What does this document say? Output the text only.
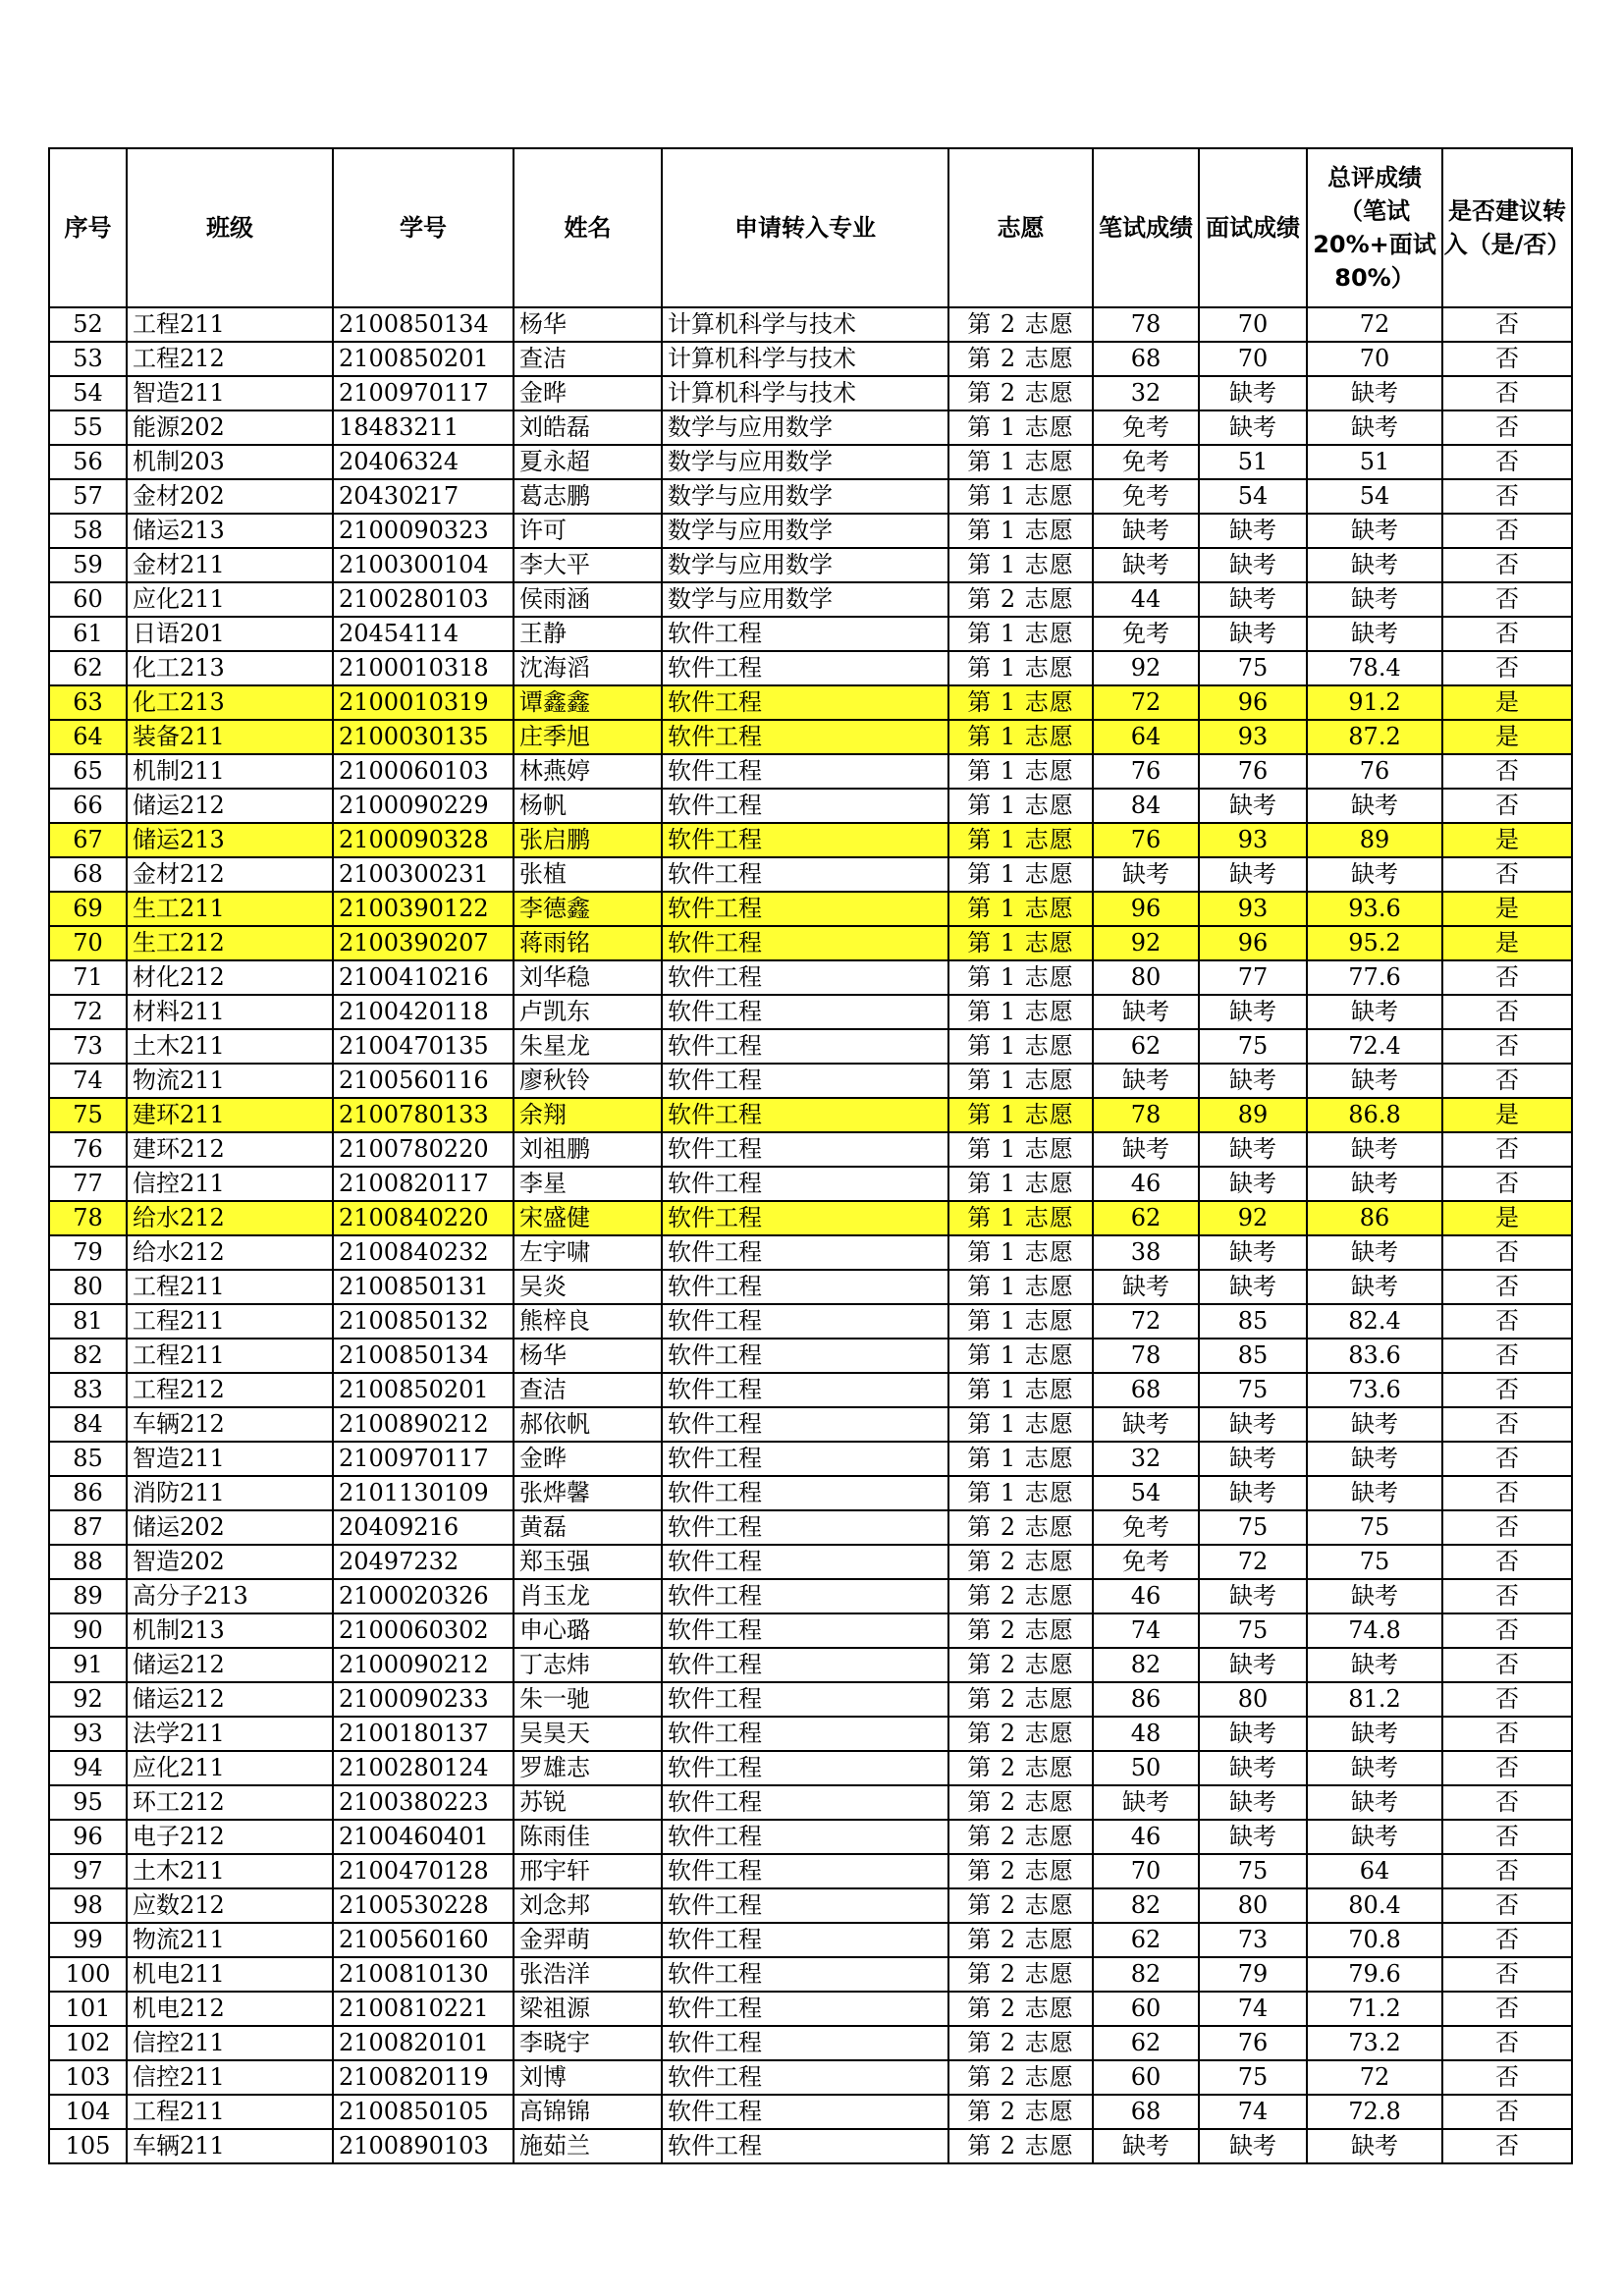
序号	班级	学号	姓名	申请转入专业	志愿	笔试成绩	面试成绩	总评成绩（笔试20%+面试80%）	是否建议转入（是/否）
52	工程211	2100850134	杨华	计算机科学与技术	第 2 志愿	78	70	72	否
53	工程212	2100850201	查洁	计算机科学与技术	第 2 志愿	68	70	70	否
54	智造211	2100970117	金晔	计算机科学与技术	第 2 志愿	32	缺考	缺考	否
55	能源202	18483211	刘皓磊	数学与应用数学	第 1 志愿	免考	缺考	缺考	否
56	机制203	20406324	夏永超	数学与应用数学	第 1 志愿	免考	51	51	否
57	金材202	20430217	葛志鹏	数学与应用数学	第 1 志愿	免考	54	54	否
58	储运213	2100090323	许可	数学与应用数学	第 1 志愿	缺考	缺考	缺考	否
59	金材211	2100300104	李大平	数学与应用数学	第 1 志愿	缺考	缺考	缺考	否
60	应化211	2100280103	侯雨涵	数学与应用数学	第 2 志愿	44	缺考	缺考	否
61	日语201	20454114	王静	软件工程	第 1 志愿	免考	缺考	缺考	否
62	化工213	2100010318	沈海滔	软件工程	第 1 志愿	92	75	78.4	否
63	化工213	2100010319	谭鑫鑫	软件工程	第 1 志愿	72	96	91.2	是
64	装备211	2100030135	庄季旭	软件工程	第 1 志愿	64	93	87.2	是
65	机制211	2100060103	林燕婷	软件工程	第 1 志愿	76	76	76	否
66	储运212	2100090229	杨帆	软件工程	第 1 志愿	84	缺考	缺考	否
67	储运213	2100090328	张启鹏	软件工程	第 1 志愿	76	93	89	是
68	金材212	2100300231	张植	软件工程	第 1 志愿	缺考	缺考	缺考	否
69	生工211	2100390122	李德鑫	软件工程	第 1 志愿	96	93	93.6	是
70	生工212	2100390207	蒋雨铭	软件工程	第 1 志愿	92	96	95.2	是
71	材化212	2100410216	刘华稳	软件工程	第 1 志愿	80	77	77.6	否
72	材料211	2100420118	卢凯东	软件工程	第 1 志愿	缺考	缺考	缺考	否
73	土木211	2100470135	朱星龙	软件工程	第 1 志愿	62	75	72.4	否
74	物流211	2100560116	廖秋铃	软件工程	第 1 志愿	缺考	缺考	缺考	否
75	建环211	2100780133	余翔	软件工程	第 1 志愿	78	89	86.8	是
76	建环212	2100780220	刘祖鹏	软件工程	第 1 志愿	缺考	缺考	缺考	否
77	信控211	2100820117	李星	软件工程	第 1 志愿	46	缺考	缺考	否
78	给水212	2100840220	宋盛健	软件工程	第 1 志愿	62	92	86	是
79	给水212	2100840232	左宇啸	软件工程	第 1 志愿	38	缺考	缺考	否
80	工程211	2100850131	吴炎	软件工程	第 1 志愿	缺考	缺考	缺考	否
81	工程211	2100850132	熊梓良	软件工程	第 1 志愿	72	85	82.4	否
82	工程211	2100850134	杨华	软件工程	第 1 志愿	78	85	83.6	否
83	工程212	2100850201	查洁	软件工程	第 1 志愿	68	75	73.6	否
84	车辆212	2100890212	郝依帆	软件工程	第 1 志愿	缺考	缺考	缺考	否
85	智造211	2100970117	金晔	软件工程	第 1 志愿	32	缺考	缺考	否
86	消防211	2101130109	张烨馨	软件工程	第 1 志愿	54	缺考	缺考	否
87	储运202	20409216	黄磊	软件工程	第 2 志愿	免考	75	75	否
88	智造202	20497232	郑玉强	软件工程	第 2 志愿	免考	72	75	否
89	高分子213	2100020326	肖玉龙	软件工程	第 2 志愿	46	缺考	缺考	否
90	机制213	2100060302	申心璐	软件工程	第 2 志愿	74	75	74.8	否
91	储运212	2100090212	丁志炜	软件工程	第 2 志愿	82	缺考	缺考	否
92	储运212	2100090233	朱一驰	软件工程	第 2 志愿	86	80	81.2	否
93	法学211	2100180137	吴昊天	软件工程	第 2 志愿	48	缺考	缺考	否
94	应化211	2100280124	罗雄志	软件工程	第 2 志愿	50	缺考	缺考	否
95	环工212	2100380223	苏锐	软件工程	第 2 志愿	缺考	缺考	缺考	否
96	电子212	2100460401	陈雨佳	软件工程	第 2 志愿	46	缺考	缺考	否
97	土木211	2100470128	邢宇轩	软件工程	第 2 志愿	70	75	64	否
98	应数212	2100530228	刘念邦	软件工程	第 2 志愿	82	80	80.4	否
99	物流211	2100560160	金羿萌	软件工程	第 2 志愿	62	73	70.8	否
100	机电211	2100810130	张浩洋	软件工程	第 2 志愿	82	79	79.6	否
101	机电212	2100810221	梁祖源	软件工程	第 2 志愿	60	74	71.2	否
102	信控211	2100820101	李晓宇	软件工程	第 2 志愿	62	76	73.2	否
103	信控211	2100820119	刘博	软件工程	第 2 志愿	60	75	72	否
104	工程211	2100850105	高锦锦	软件工程	第 2 志愿	68	74	72.8	否
105	车辆211	2100890103	施茹兰	软件工程	第 2 志愿	缺考	缺考	缺考	否
